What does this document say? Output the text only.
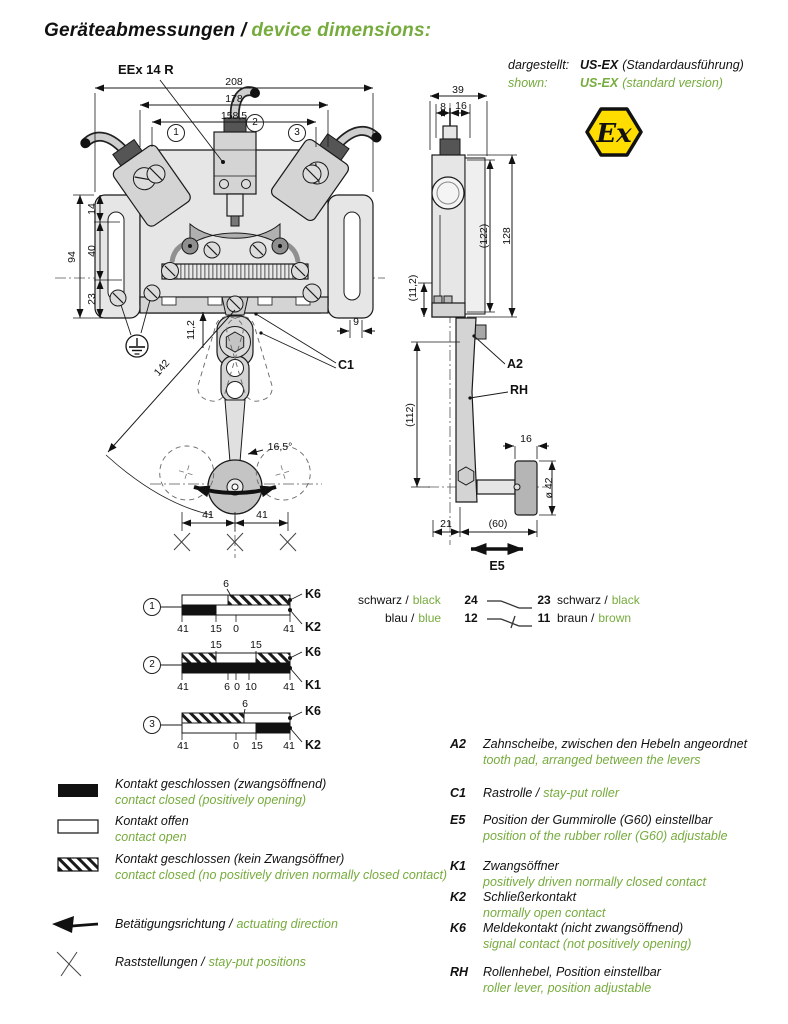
Geräteabmessungen / device dimensions:
dargestellt: US-EX (Standardausführung)
shown:	US-EX (standard version)
Ex
EEx 14 R
208
178
158,5
1
2
3
94
14
40
23
11,2
142
16,5°
41	41
9
C1
39
8 16
(122) 128
(11,2)
(112)
A2
RH
16
ø 42
21	(60)
E5
1
6
41 15 0	41
K6
K2
2
15	15
41	6 0 10	41
K6
K1
3
6
41	0 15 41
K6
K2
schwarz / black 24	23 schwarz / black
blau / blue 12	11 braun / brown
Kontakt geschlossen (zwangsöffnend)
contact closed (positively opening)
Kontakt offen
contact open
Kontakt geschlossen (kein Zwangsöffner)
contact closed (no positively driven normally closed contact)
Betätigungsrichtung / actuating direction
Raststellungen / stay-put positions
A2 Zahnscheibe, zwischen den Hebeln angeordnet
tooth pad, arranged between the levers
C1 Rastrolle / stay-put roller
E5 Position der Gummirolle (G60) einstellbar
position of the rubber roller (G60) adjustable
K1 Zwangsöffner
positively driven normally closed contact
K2 Schließerkontakt
normally open contact
K6 Meldekontakt (nicht zwangsöffnend)
signal contact (not positively opening)
RH Rollenhebel, Position einstellbar
roller lever, position adjustable
